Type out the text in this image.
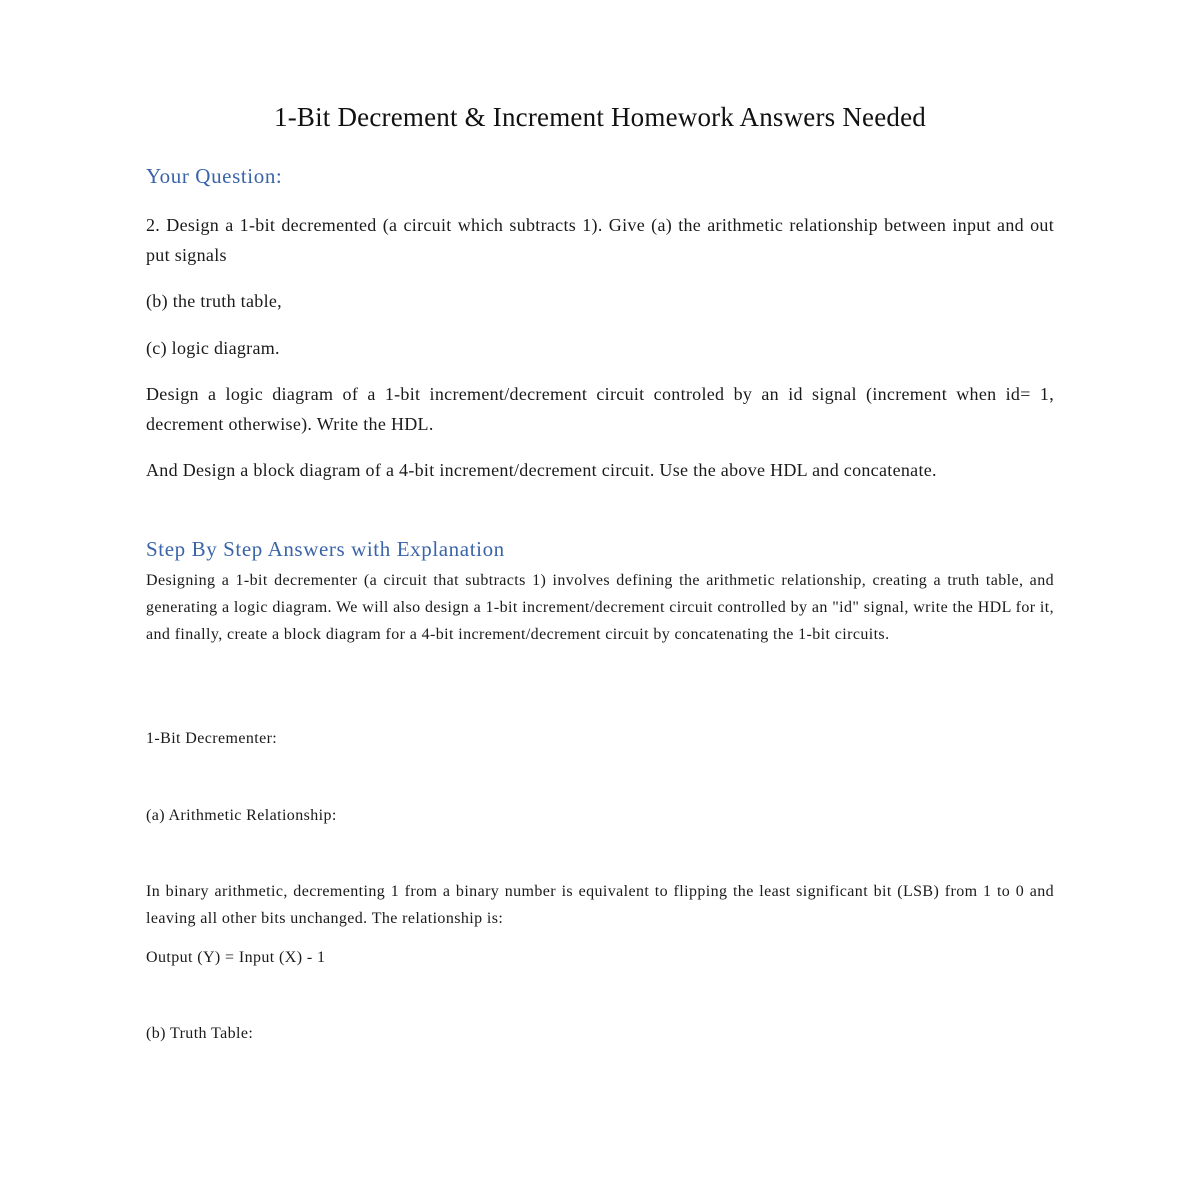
1-Bit Decrement & Increment Homework Answers Needed
Your Question:

2. Design a 1-bit decremented (a circuit which subtracts 1). Give (a) the arithmetic relationship between input and out put signals

(b) the truth table,

(c) logic diagram.

Design a logic diagram of a 1-bit increment/decrement circuit controled by an id signal (increment when id= 1, decrement otherwise). Write the HDL.

And Design a block diagram of a 4-bit increment/decrement circuit. Use the above HDL and concatenate.

Step By Step Answers with Explanation

Designing a 1-bit decrementer (a circuit that subtracts 1) involves defining the arithmetic relationship, creating a truth table, and generating a logic diagram. We will also design a 1-bit increment/decrement circuit controlled by an "id" signal, write the HDL for it, and finally, create a block diagram for a 4-bit increment/decrement circuit by concatenating the 1-bit circuits.

1-Bit Decrementer:

(a) Arithmetic Relationship:

In binary arithmetic, decrementing 1 from a binary number is equivalent to flipping the least significant bit (LSB) from 1 to 0 and leaving all other bits unchanged. The relationship is:

Output (Y) = Input (X) - 1

(b) Truth Table:
